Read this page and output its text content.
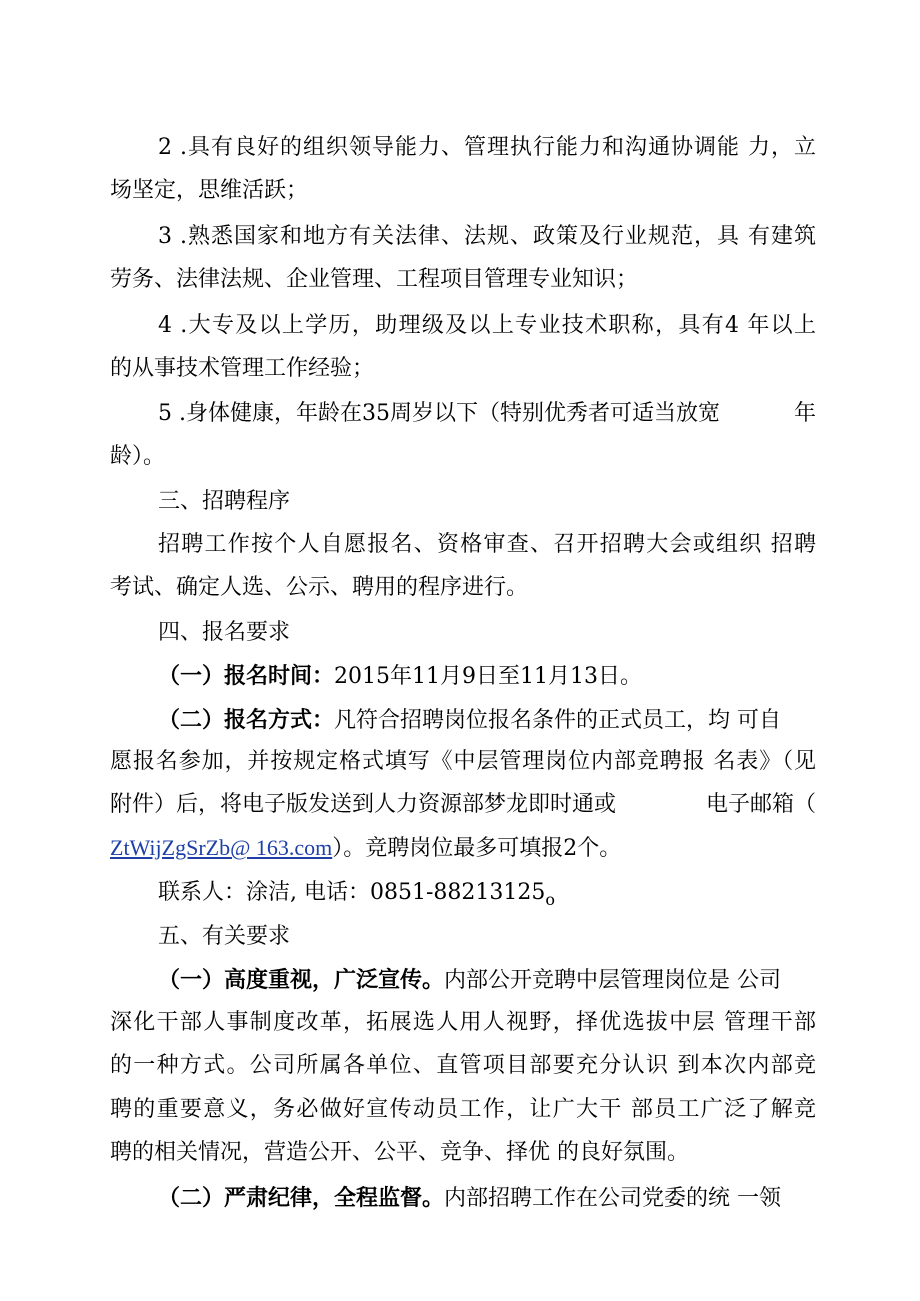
2 .具有良好的组织领导能力、管理执行能力和沟通协调能 力，立
场坚定，思维活跃；
3 .熟悉国家和地方有关法律、法规、政策及行业规范，具 有建筑
劳务、法律法规、企业管理、工程项目管理专业知识；
4 .大专及以上学历，助理级及以上专业技术职称，具有4 年以上
的从事技术管理工作经验；
5 .身体健康，年龄在35周岁以下（特别优秀者可适当放宽	年
龄）。
三、招聘程序
招聘工作按个人自愿报名、资格审查、召开招聘大会或组织 招聘
考试、确定人选、公示、聘用的程序进行。
四、报名要求
（一）报名时间：2015年11月9日至11月13日。
（二）报名方式：凡符合招聘岗位报名条件的正式员工，均 可自
愿报名参加，并按规定格式填写《中层管理岗位内部竞聘报 名表》（见
附件）后，将电子版发送到人力资源部梦龙即时通或	电子邮箱（
ZtWijZgSrZb@ 163.com）。竞聘岗位最多可填报2个。
联系人：涂洁, 电话：$0851-88213125_o$
五、有关要求
（一）高度重视，广泛宣传。内部公开竞聘中层管理岗位是 公司
深化干部人事制度改革，拓展选人用人视野，择优选拔中层 管理干部
的一种方式。公司所属各单位、直管项目部要充分认识 到本次内部竞
聘的重要意义，务必做好宣传动员工作，让广大干 部员工广泛了解竞
聘的相关情况，营造公开、公平、竞争、择优 的良好氛围。
（二）严肃纪律，全程监督。内部招聘工作在公司党委的统 一领
